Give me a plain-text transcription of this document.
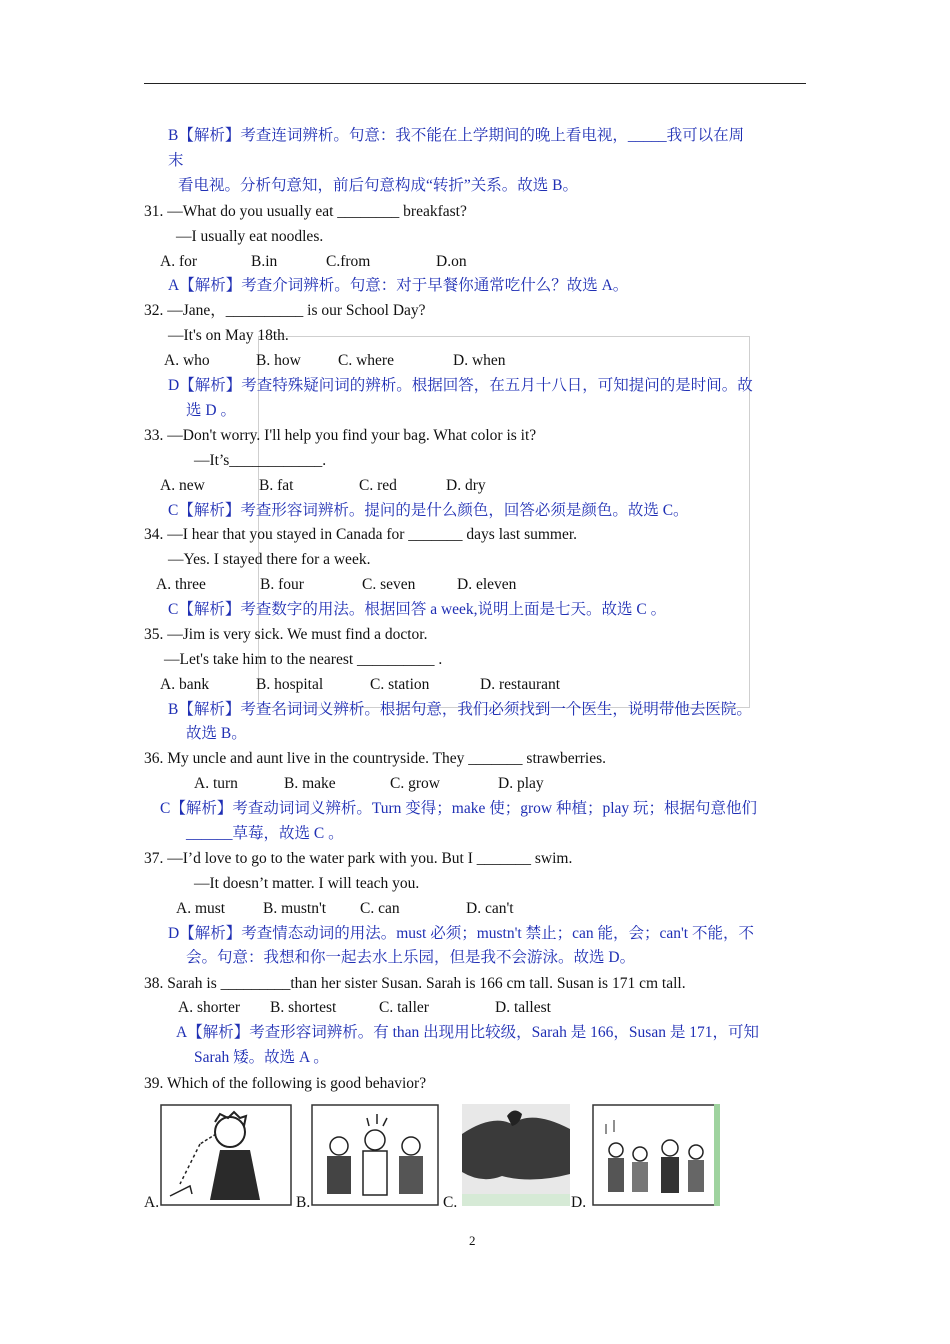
B【解析】考查连词辨析。句意：我不能在上学期间的晚上看电视，_____我可以在周
末
看电视。分析句意知，前后句意构成“转折”关系。故选 B。
31. —What do you usually eat ________ breakfast?
—I usually eat noodles.
A. for	B.in	C.from	D.on
A【解析】考查介词辨析。句意：对于早餐你通常吃什么？故选 A。
32. —Jane，__________ is our School Day?
—It's on May 18th.
A. who	B. how C. where	D. when
D【解析】考查特殊疑问词的辨析。根据回答，在五月十八日，可知提问的是时间。故
选 D 。
33. —Don't worry. I'll help you find your bag. What color is it?
—It’s____________.
A. new	B. fat	C. red	D. dry
C【解析】考查形容词辨析。提问的是什么颜色，回答必须是颜色。故选 C。
34. —I hear that you stayed in Canada for _______ days last summer.
—Yes. I stayed there for a week.
A. three	B. four	C. seven	D. eleven
C【解析】考查数字的用法。根据回答 a week,说明上面是七天。故选 C 。
35. —Jim is very sick. We must find a doctor.
—Let's take him to the nearest __________ .
A. bank	B. hospital	C. station	D. restaurant
B【解析】考查名词词义辨析。根据句意，我们必须找到一个医生，说明带他去医院。
故选 B。
36. My uncle and aunt live in the countryside. They _______ strawberries.
A. turn	B. make	C. grow	D. play
C【解析】考查动词词义辨析。Turn 变得；make 使；grow 种植；play 玩；根据句意他们
______草莓，故选 C 。
37. —I’d love to go to the water park with you. But I _______ swim.
—It doesn’t matter. I will teach you.
A. must B. mustn't C. can	D. can't
D【解析】考查情态动词的用法。must 必须；mustn't 禁止；can 能，会；can't 不能，不
会。句意：我想和你一起去水上乐园，但是我不会游泳。故选 D。
38. Sarah is _________than her sister Susan. Sarah is 166 cm tall. Susan is 171 cm tall.
A. shorter B. shortest	C. taller	D. tallest
A【解析】考查形容词辨析。有 than 出现用比较级，Sarah 是 166，Susan 是 171，可知
Sarah 矮。故选 A 。
39. Which of the following is good behavior?
A.	B.	C.	D.
2
